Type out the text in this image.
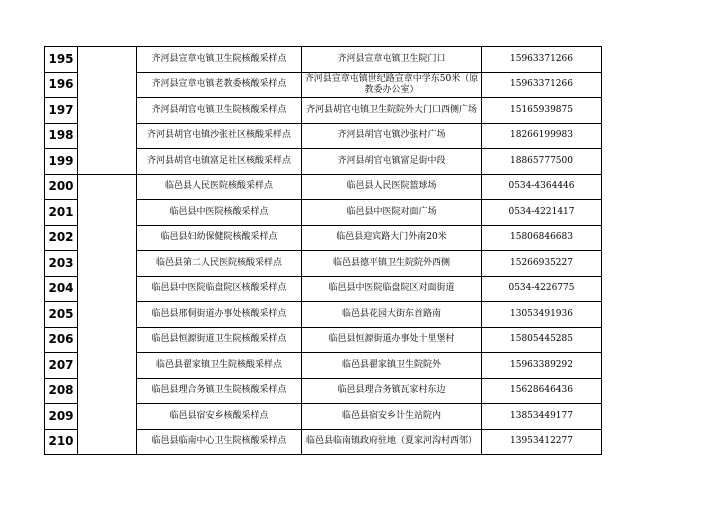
195		齐河县宣章屯镇卫生院核酸采样点	齐河县宣章屯镇卫生院门口	15963371266
196		齐河县宣章屯镇老教委核酸采样点	齐河县宣章屯镇世纪路宣章中学东50米（原教委办公室）	15963371266
197		齐河县胡官屯镇卫生院核酸采样点	齐河县胡官屯镇卫生院院外大门口西侧广场	15165939875
198		齐河县胡官屯镇沙张社区核酸采样点	齐河县胡官屯镇沙张村广场	18266199983
199		齐河县胡官屯镇富足社区核酸采样点	齐河县胡官屯镇富足街中段	18865777500
200		临邑县人民医院核酸采样点	临邑县人民医院篮球场	0534-4364446
201		临邑县中医院核酸采样点	临邑县中医院对面广场	0534-4221417
202		临邑县妇幼保健院核酸采样点	临邑县迎宾路大门外南20米	15806846683
203		临邑县第二人民医院核酸采样点	临邑县德平镇卫生院院外西侧	15266935227
204		临邑县中医院临盘院区核酸采样点	临邑县中医院临盘院区对面街道	0534-4226775
205		临邑县邢侗街道办事处核酸采样点	临邑县花园大街东首路南	13053491936
206		临邑县恒源街道卫生院核酸采样点	临邑县恒源街道办事处十里堡村	15805445285
207		临邑县翟家镇卫生院核酸采样点	临邑县翟家镇卫生院院外	15963389292
208		临邑县理合务镇卫生院核酸采样点	临邑县理合务镇瓦家村东边	15628646436
209		临邑县宿安乡核酸采样点	临邑县宿安乡计生站院内	13853449177
210		临邑县临南中心卫生院核酸采样点	临邑县临南镇政府驻地（夏家河沟村西邻）	13953412277
